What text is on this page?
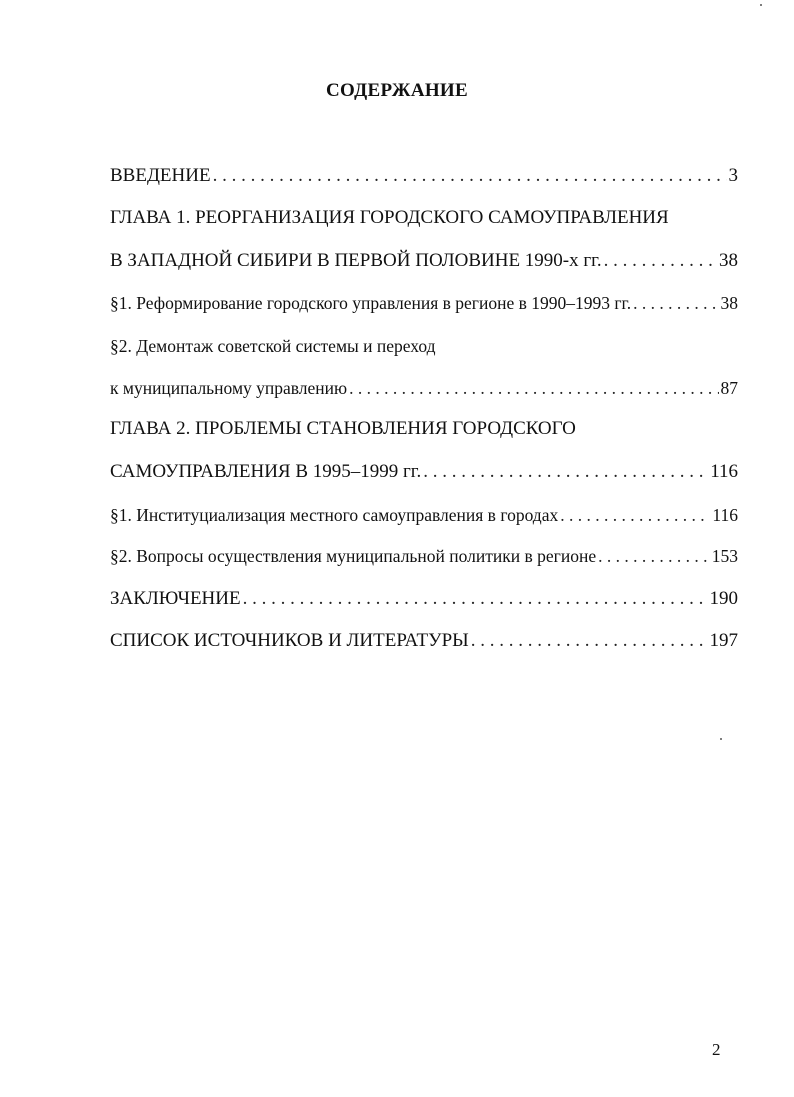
СОДЕРЖАНИЕ
ВВЕДЕНИЕ . . .	3
ГЛАВА 1. РЕОРГАНИЗАЦИЯ ГОРОДСКОГО САМОУПРАВЛЕНИЯ
В ЗАПАДНОЙ СИБИРИ В ПЕРВОЙ ПОЛОВИНЕ 1990-х гг. . . .	38
§1. Реформирование городского управления в регионе в 1990–1993 гг. . . .	38
§2. Демонтаж советской системы и переход
к муниципальному управлению . . .	87
ГЛАВА 2. ПРОБЛЕМЫ СТАНОВЛЕНИЯ ГОРОДСКОГО
САМОУПРАВЛЕНИЯ В 1995–1999 гг. . . .	116
§1. Институциализация местного самоуправления в городах . . .	116
§2. Вопросы осуществления муниципальной политики в регионе . . .	153
ЗАКЛЮЧЕНИЕ . . .	190
СПИСОК ИСТОЧНИКОВ И ЛИТЕРАТУРЫ . . .	197
2
